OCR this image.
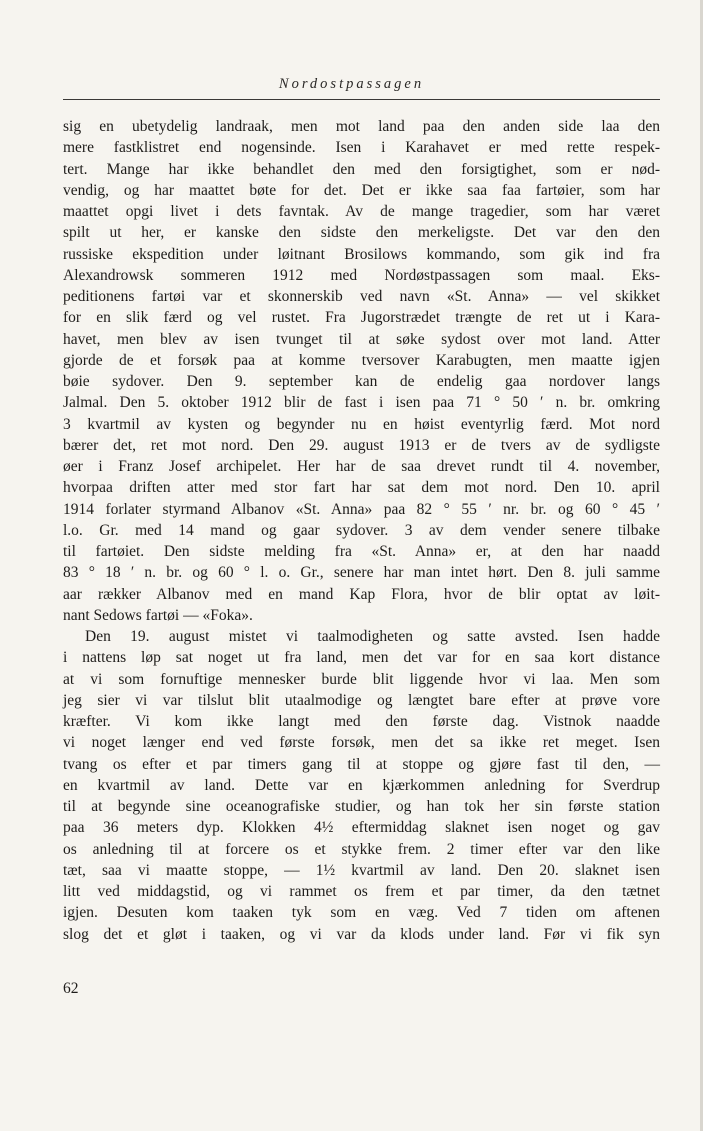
Nordostpassagen
sig en ubetydelig landraak, men mot land paa den anden side laa den
mere fastklistret end nogensinde. Isen i Karahavet er med rette respek-
tert. Mange har ikke behandlet den med den forsigtighet, som er nød-
vendig, og har maattet bøte for det. Det er ikke saa faa fartøier, som har
maattet opgi livet i dets favntak. Av de mange tragedier, som har været
spilt ut her, er kanske den sidste den merkeligste. Det var den den
russiske ekspedition under løitnant Brosilows kommando, som gik ind fra
Alexandrowsk sommeren 1912 med Nordøstpassagen som maal. Eks-
peditionens fartøi var et skonnerskib ved navn «St. Anna» — vel skikket
for en slik færd og vel rustet. Fra Jugorstrædet trængte de ret ut i Kara-
havet, men blev av isen tvunget til at søke sydost over mot land. Atter
gjorde de et forsøk paa at komme tversover Karabugten, men maatte igjen
bøie sydover. Den 9. september kan de endelig gaa nordover langs
Jalmal. Den 5. oktober 1912 blir de fast i isen paa 71 ° 50 ′ n. br. omkring
3 kvartmil av kysten og begynder nu en høist eventyrlig færd. Mot nord
bærer det, ret mot nord. Den 29. august 1913 er de tvers av de sydligste
øer i Franz Josef archipelet. Her har de saa drevet rundt til 4. november,
hvorpaa driften atter med stor fart har sat dem mot nord. Den 10. april
1914 forlater styrmand Albanov «St. Anna» paa 82 ° 55 ′ nr. br. og 60 ° 45 ′
l.o. Gr. med 14 mand og gaar sydover. 3 av dem vender senere tilbake
til fartøiet. Den sidste melding fra «St. Anna» er, at den har naadd
83 ° 18 ′ n. br. og 60 ° l. o. Gr., senere har man intet hørt. Den 8. juli samme
aar rækker Albanov med en mand Kap Flora, hvor de blir optat av løit-
nant Sedows fartøi — «Foka».
Den 19. august mistet vi taalmodigheten og satte avsted. Isen hadde
i nattens løp sat noget ut fra land, men det var for en saa kort distance
at vi som fornuftige mennesker burde blit liggende hvor vi laa. Men som
jeg sier vi var tilslut blit utaalmodige og længtet bare efter at prøve vore
kræfter. Vi kom ikke langt med den første dag. Vistnok naadde
vi noget længer end ved første forsøk, men det sa ikke ret meget. Isen
tvang os efter et par timers gang til at stoppe og gjøre fast til den, —
en kvartmil av land. Dette var en kjærkommen anledning for Sverdrup
til at begynde sine oceanografiske studier, og han tok her sin første station
paa 36 meters dyp. Klokken 4½ eftermiddag slaknet isen noget og gav
os anledning til at forcere os et stykke frem. 2 timer efter var den like
tæt, saa vi maatte stoppe, — 1½ kvartmil av land. Den 20. slaknet isen
litt ved middagstid, og vi rammet os frem et par timer, da den tætnet
igjen. Desuten kom taaken tyk som en væg. Ved 7 tiden om aftenen
slog det et gløt i taaken, og vi var da klods under land. Før vi fik syn
62
